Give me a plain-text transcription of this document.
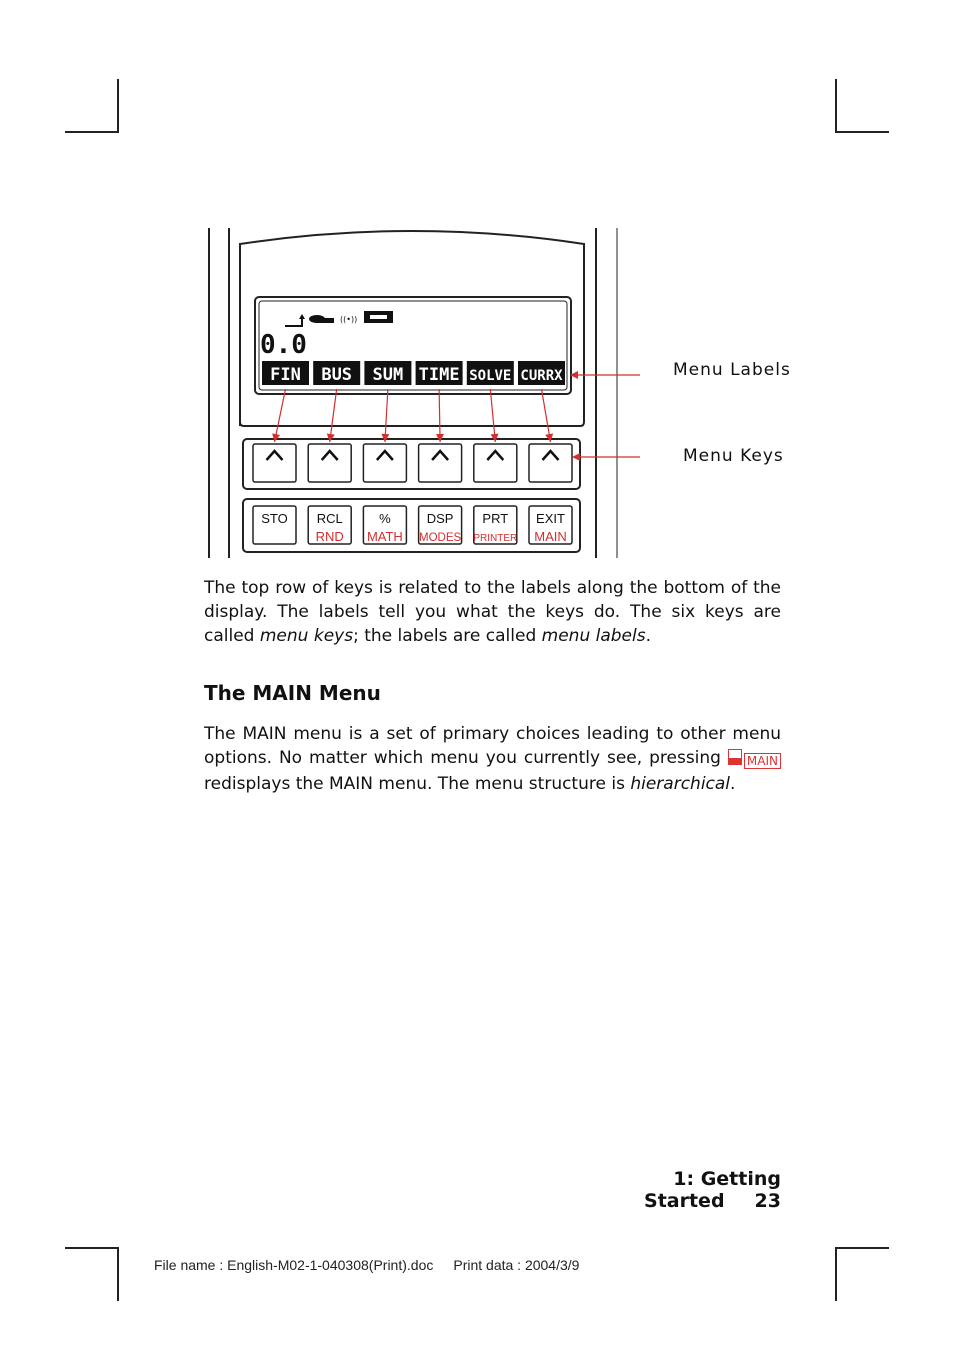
((•))
0.0
FIN BUS SUM TIME SOLVE CURRX
STO RCL
RND
%
MATH
DSP
MODES
PRT
PRINTER
EXIT
MAIN
Menu Labels
Menu Keys

The top row of keys is related to the labels along the bottom of the display. The labels tell you what the keys do. The six keys are called menu keys; the labels are called menu labels.

The MAIN Menu

The MAIN menu is a set of primary choices leading to other menu options. No matter which menu you currently see, pressing MAIN redisplays the MAIN menu. The menu structure is hierarchical.

1: Getting Started 23
File name : English-M02-1-040308(Print).doc Print data : 2004/3/9
